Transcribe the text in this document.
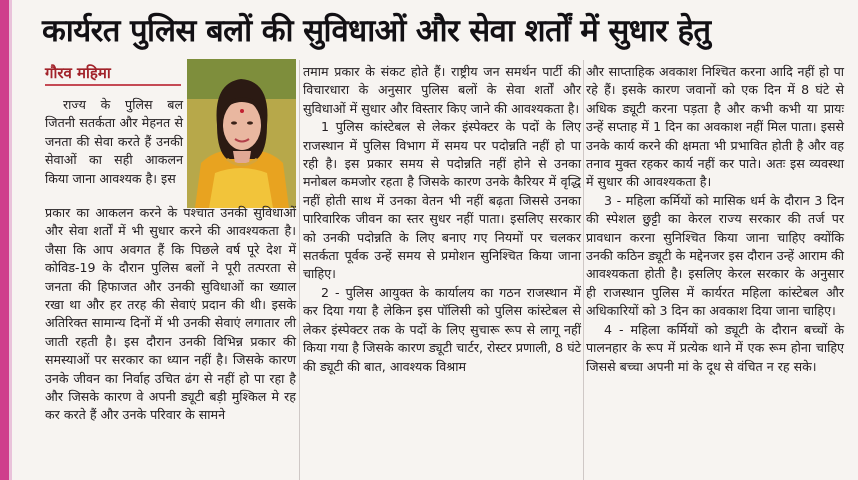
कार्यरत पुलिस बलों की सुविधाओं और सेवा शर्तों में सुधार हेतु
गौरव महिमा

राज्य के पुलिस बल जितनी सतर्कता और मेहनत से जनता की सेवा करते हैं उनकी सेवाओं का सही आकलन किया जाना आवश्यक है। इस

प्रकार का आकलन करने के पश्चात उनकी सुविधाओं और सेवा शर्तों में भी सुधार करने की आवश्यकता है। जैसा कि आप अवगत हैं कि पिछले वर्ष पूरे देश में कोविड-19 के दौरान पुलिस बलों ने पूरी तत्परता से जनता की हिफाजत और उनकी सुविधाओं का ख्याल रखा था और हर तरह की सेवाएं प्रदान की थी। इसके अतिरिक्त सामान्य दिनों में भी उनकी सेवाएं लगातार ली जाती रहती है। इस दौरान उनकी विभिन्न प्रकार की समस्याओं पर सरकार का ध्यान नहीं है। जिसके कारण उनके जीवन का निर्वाह उचित ढंग से नहीं हो पा रहा है और जिसके कारण वे अपनी ड्यूटी बड़ी मुश्किल मे रह कर करते हैं और उनके परिवार के सामने

तमाम प्रकार के संकट होते हैं। राष्ट्रीय जन समर्थन पार्टी की विचारधारा के अनुसार पुलिस बलों के सेवा शर्तों और सुविधाओं में सुधार और विस्तार किए जाने की आवश्यकता है।

1 पुलिस कांस्टेबल से लेकर इंस्पेक्टर के पदों के लिए राजस्थान में पुलिस विभाग में समय पर पदोन्नति नहीं हो पा रही है। इस प्रकार समय से पदोन्नति नहीं होने से उनका मनोबल कमजोर रहता है जिसके कारण उनके कैरियर में वृद्धि नहीं होती साथ में उनका वेतन भी नहीं बढ़ता जिससे उनका पारिवारिक जीवन का स्तर सुधर नहीं पाता। इसलिए सरकार को उनकी पदोन्नति के लिए बनाए गए नियमों पर चलकर सतर्कता पूर्वक उन्हें समय से प्रमोशन सुनिश्चित किया जाना चाहिए।

2 - पुलिस आयुक्त के कार्यालय का गठन राजस्थान में कर दिया गया है लेकिन इस पॉलिसी को पुलिस कांस्टेबल से लेकर इंस्पेक्टर तक के पदों के लिए सुचारू रूप से लागू नहीं किया गया है जिसके कारण ड्यूटी चार्टर, रोस्टर प्रणाली, 8 घंटे की ड्यूटी की बात, आवश्यक विश्राम

और साप्ताहिक अवकाश निश्चित करना आदि नहीं हो पा रहे हैं। इसके कारण जवानों को एक दिन में 8 घंटे से अधिक ड्यूटी करना पड़ता है और कभी कभी या प्रायः उन्हें सप्ताह में 1 दिन का अवकाश नहीं मिल पाता। इससे उनके कार्य करने की क्षमता भी प्रभावित होती है और वह तनाव मुक्त रहकर कार्य नहीं कर पाते। अतः इस व्यवस्था में सुधार की आवश्यकता है।

3 - महिला कर्मियों को मासिक धर्म के दौरान 3 दिन की स्पेशल छुट्टी का केरल राज्य सरकार की तर्ज पर प्रावधान करना सुनिश्चित किया जाना चाहिए क्योंकि उनकी कठिन ड्यूटी के मद्देनजर इस दौरान उन्हें आराम की आवश्यकता होती है। इसलिए केरल सरकार के अनुसार ही राजस्थान पुलिस में कार्यरत महिला कांस्टेबल और अधिकारियों को 3 दिन का अवकाश दिया जाना चाहिए।

4 - महिला कर्मियों को ड्यूटी के दौरान बच्चों के पालनहार के रूप में प्रत्येक थाने में एक रूम होना चाहिए जिससे बच्चा अपनी मां के दूध से वंचित न रह सके।
